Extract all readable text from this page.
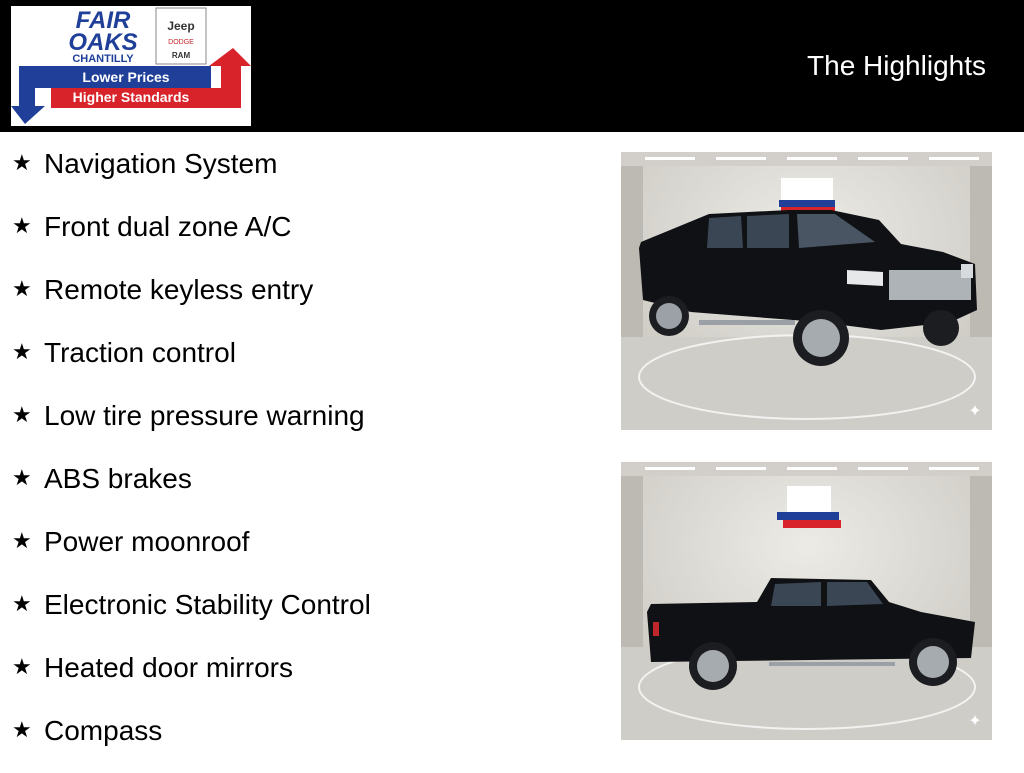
Lower Prices
Higher Standards
FAIR
OAKS
CHANTILLY
Jeep
DODGE
RAM	The Highlights
★ Navigation System
★ Front dual zone A/C
★ Remote keyless entry
★ Traction control
★ Low tire pressure warning
★ ABS brakes
★ Power moonroof
★ Electronic Stability Control
★ Heated door mirrors
★ Compass
✦
✦
